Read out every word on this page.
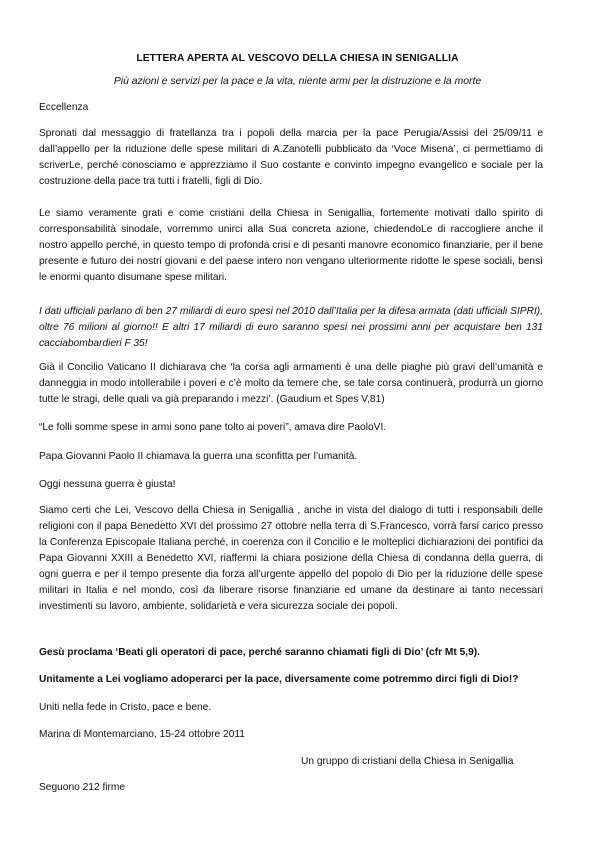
LETTERA APERTA AL VESCOVO DELLA CHIESA IN SENIGALLIA
Più azioni e servizi per la pace e la vita, niente armi per la distruzione e la morte

Eccellenza

Spronati dal messaggio di fratellanza tra i popoli della marcia per la pace Perugia/Assisi del 25/09/11 e dall’appello per la riduzione delle spese militari di A.Zanotelli pubblicato da ‘Voce Misena’, ci permettiamo di scriverLe, perché conosciamo e apprezziamo il Suo costante e convinto impegno evangelico e sociale per la costruzione della pace tra tutti i fratelli, figli di Dio.

Le siamo veramente grati e come cristiani della Chiesa in Senigallia, fortemente motivati dallo spirito di corresponsabilità sinodale, vorremmo unirci alla Sua concreta azione, chiedendoLe di raccogliere anche il nostro appello perché, in questo tempo di profonda crisi e di pesanti manovre economico finanziarie, per il bene presente e futuro dei nostri giovani e del paese intero non vengano ulteriormente ridotte le spese sociali, bensì le enormi quanto disumane spese militari.

I dati ufficiali parlano di ben 27 miliardi di euro spesi nel 2010 dall’Italia per la difesa armata (dati ufficiali SIPRI), oltre 76 milioni al giorno!! E altri 17 miliardi di euro saranno spesi nei prossimi anni per acquistare ben 131 cacciabombardieri F 35!

Già il Concilio Vaticano II dichiarava che ‘la corsa agli armamenti è una delle piaghe più gravi dell’umanità e danneggia in modo intollerabile i poveri e c’è molto da temere che, se tale corsa continuerà, produrrà un giorno tutte le stragi, delle quali va già preparando i mezzi’. (Gaudium et Spes V,81)

“Le folli somme spese in armi sono pane tolto ai poveri”, amava dire PaoloVI.

Papa Giovanni Paolo II chiamava la guerra una sconfitta per l’umanità.

Oggi nessuna guerra è giusta!

Siamo certi che Lei, Vescovo della Chiesa in Senigallia , anche in vista del dialogo di tutti i responsabili delle religioni con il papa Benedetto XVI del prossimo 27 ottobre nella terra di S.Francesco, vorrà farsi carico presso la Conferenza Episcopale Italiana perché, in coerenza con il Concilio e le molteplici dichiarazioni dei pontifici da Papa Giovanni XXIII a Benedetto XVI, riaffermi la chiara posizione della Chiesa di condanna della guerra, di ogni guerra e per il tempo presente dia forza all’urgente appello del popolo di Dio per la riduzione delle spese militari in Italia e nel mondo, così da liberare risorse finanziarie ed umane da destinare ai tanto necessari investimenti su lavoro, ambiente, solidarietà e vera sicurezza sociale dei popoli.

Gesù proclama ‘Beati gli operatori di pace, perché saranno chiamati figli di Dio’ (cfr Mt 5,9).

Unitamente a Lei vogliamo adoperarci per la pace, diversamente come potremmo dirci figli di Dio!?

Uniti nella fede in Cristo, pace e bene.

Marina di Montemarciano, 15-24 ottobre 2011

Un gruppo di cristiani della Chiesa in Senigallia

Seguono 212 firme
